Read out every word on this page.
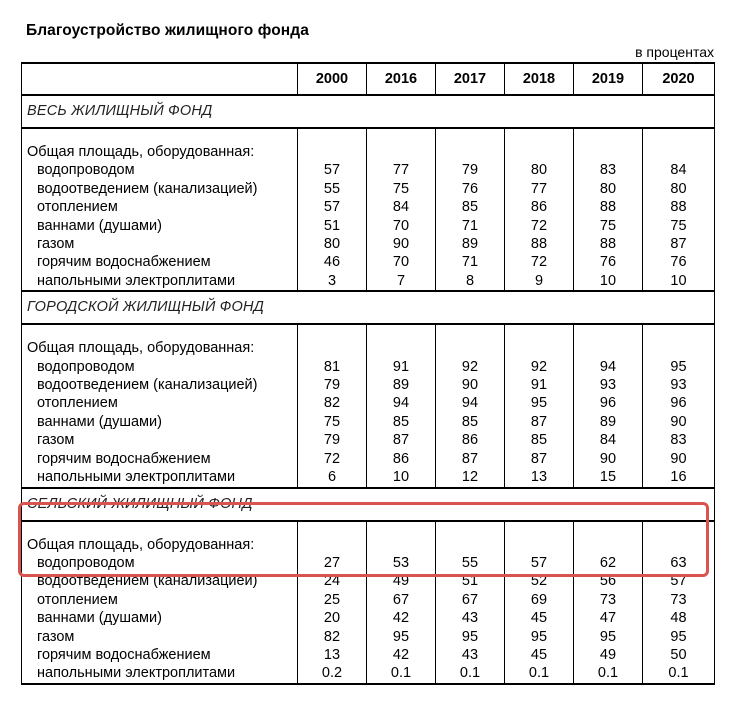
Благоустройство жилищного фонда
в процентах
	2000	2016	2017	2018	2019	2020
ВЕСЬ ЖИЛИЩНЫЙ ФОНД						

Общая площадь, оборудованная:						
водопроводом	57	77	79	80	83	84
водоотведением (канализацией)	55	75	76	77	80	80
отоплением	57	84	85	86	88	88
ваннами (душами)	51	70	71	72	75	75
газом	80	90	89	88	88	87
горячим водоснабжением	46	70	71	72	76	76
напольными электроплитами	3	7	8	9	10	10
ГОРОДСКОЙ ЖИЛИЩНЫЙ ФОНД						

Общая площадь, оборудованная:						
водопроводом	81	91	92	92	94	95
водоотведением (канализацией)	79	89	90	91	93	93
отоплением	82	94	94	95	96	96
ваннами (душами)	75	85	85	87	89	90
газом	79	87	86	85	84	83
горячим водоснабжением	72	86	87	87	90	90
напольными электроплитами	6	10	12	13	15	16
СЕЛЬСКИЙ ЖИЛИЩНЫЙ ФОНД						

Общая площадь, оборудованная:						
водопроводом	27	53	55	57	62	63
водоотведением (канализацией)	24	49	51	52	56	57
отоплением	25	67	67	69	73	73
ваннами (душами)	20	42	43	45	47	48
газом	82	95	95	95	95	95
горячим водоснабжением	13	42	43	45	49	50
напольными электроплитами	0.2	0.1	0.1	0.1	0.1	0.1
